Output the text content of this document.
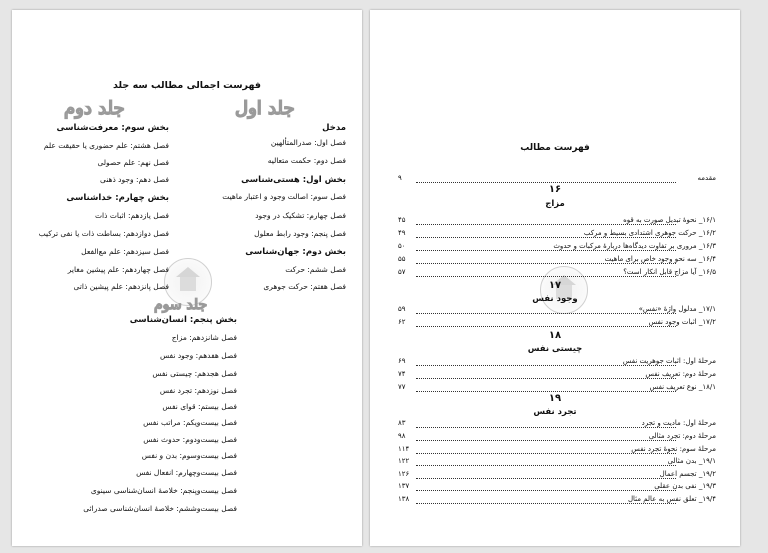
فهرست اجمالی مطالب سه جلد
جلد اول
جلد دوم
جلد سوم
مدخل
فصل اول: صدرالمتألهین
فصل دوم: حکمت متعالیه
بخش اول: هستی‌شناسی
فصل سوم: اصالت وجود و اعتبار ماهیت
فصل چهارم: تشکیک در وجود
فصل پنجم: وجود رابط معلول
بخش دوم: جهان‌شناسی
فصل ششم: حرکت
فصل هفتم: حرکت جوهری
بخش سوم: معرفت‌شناسی
فصل هشتم: علم حضوری یا حقیقت علم
فصل نهم: علم حصولی
فصل دهم: وجود ذهنی
بخش چهارم: خداشناسی
فصل یازدهم: اثبات ذات
فصل دوازدهم: بساطت ذات یا نفی ترکیب
فصل سیزدهم: علم مع‌الفعل
فصل چهاردهم: علم پیشین مغایر
فصل پانزدهم: علم پیشین ذاتی
بخش پنجم: انسان‌شناسی
فصل شانزدهم: مزاج
فصل هفدهم: وجود نفس
فصل هجدهم: چیستی نفس
فصل نوزدهم: تجرد نفس
فصل بیستم: قوای نفس
فصل بیست‌ویکم: مراتب نفس
فصل بیست‌ودوم: حدوث نفس
فصل بیست‌وسوم: بدن و نفس
فصل بیست‌وچهارم: انفعال نفس
فصل بیست‌وپنجم: خلاصهٔ انسان‌شناسی سینوی
فصل بیست‌وششم: خلاصهٔ انسان‌شناسی صدرائی
فهرست مطالب
مقدمه
۹
۱۶
مزاج
۱۶/۱_ نحوهٔ تبدیل صورت به قوه
۴۵
۱۶/۲_ حرکت جوهری اشتدادی بسیط و مرکب
۴۹
۱۶/۳_ مروری بر تفاوت دیدگاه‌ها دربارهٔ مرکبات و حدوث
۵۰
۱۶/۴_ سه نحو وجود خاص برای ماهیت
۵۵
۱۶/۵_ آیا مزاج قابل انکار است؟
۵۷
۱۷
وجود نفس
۱۷/۱_ مدلول واژهٔ «نفس»
۵۹
۱۷/۲_ اثبات وجود نفس
۶۲
۱۸
چیستی نفس
مرحلهٔ اول: اثبات جوهریت نفس
۶۹
مرحلهٔ دوم: تعریف نفس
۷۴
۱۸/۱_ نوع تعریف نفس
۷۷
۱۹
تجرد نفس
مرحلهٔ اول: مادیت و تجرد
۸۳
مرحلهٔ دوم: تجرد مثالی
۹۸
مرحلهٔ سوم: نحوهٔ تجرد نفس
۱۱۴
۱۹/۱_ بدن مثالی
۱۲۲
۱۹/۲_ تجسم اعمال
۱۲۶
۱۹/۳_ نفی بدن عقلی
۱۳۷
۱۹/۴_ تعلق نفس به عالم مثال
۱۳۸
